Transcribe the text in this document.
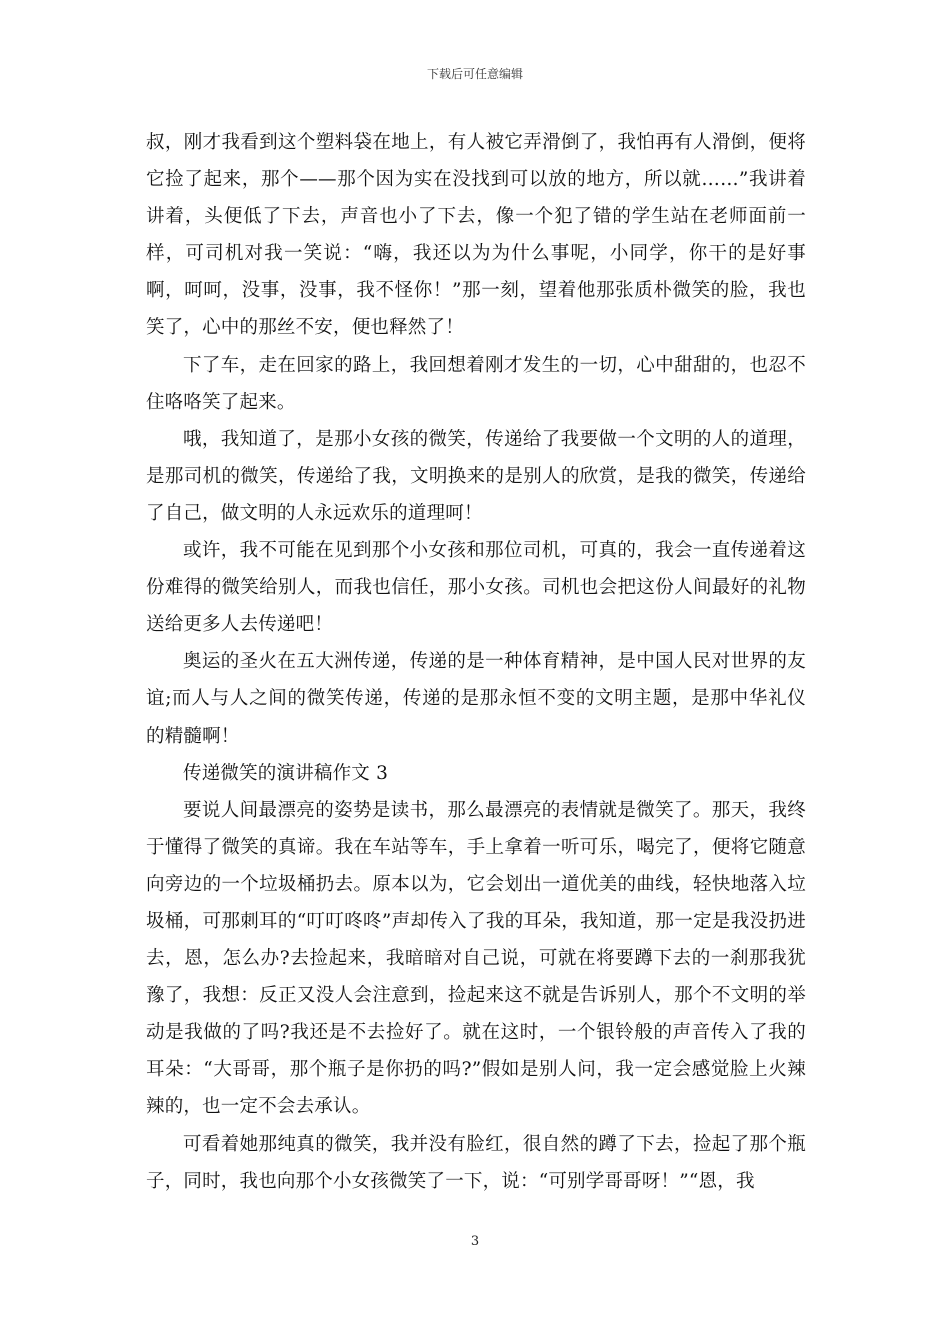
下载后可任意编辑

叔，刚才我看到这个塑料袋在地上，有人被它弄滑倒了，我怕再有人滑倒，便将它捡了起来，那个——那个因为实在没找到可以放的地方，所以就……”我讲着讲着，头便低了下去，声音也小了下去，像一个犯了错的学生站在老师面前一样，可司机对我一笑说：“嗨，我还以为为什么事呢，小同学，你干的是好事啊，呵呵，没事，没事，我不怪你！”那一刻，望着他那张质朴微笑的脸，我也笑了，心中的那丝不安，便也释然了！

下了车，走在回家的路上，我回想着刚才发生的一切，心中甜甜的，也忍不住咯咯笑了起来。

哦，我知道了，是那小女孩的微笑，传递给了我要做一个文明的人的道理，是那司机的微笑，传递给了我，文明换来的是别人的欣赏，是我的微笑，传递给了自己，做文明的人永远欢乐的道理呵！

或许，我不可能在见到那个小女孩和那位司机，可真的，我会一直传递着这份难得的微笑给别人，而我也信任，那小女孩。司机也会把这份人间最好的礼物送给更多人去传递吧！

奥运的圣火在五大洲传递，传递的是一种体育精神，是中国人民对世界的友谊;而人与人之间的微笑传递，传递的是那永恒不变的文明主题，是那中华礼仪的精髓啊！

传递微笑的演讲稿作文 3

要说人间最漂亮的姿势是读书，那么最漂亮的表情就是微笑了。那天，我终于懂得了微笑的真谛。我在车站等车，手上拿着一听可乐，喝完了，便将它随意向旁边的一个垃圾桶扔去。原本以为，它会划出一道优美的曲线，轻快地落入垃圾桶，可那刺耳的“叮叮咚咚”声却传入了我的耳朵，我知道，那一定是我没扔进去，恩，怎么办?去捡起来，我暗暗对自己说，可就在将要蹲下去的一刹那我犹豫了，我想：反正又没人会注意到，捡起来这不就是告诉别人，那个不文明的举动是我做的了吗?我还是不去捡好了。就在这时，一个银铃般的声音传入了我的耳朵：“大哥哥，那个瓶子是你扔的吗?”假如是别人问，我一定会感觉脸上火辣辣的，也一定不会去承认。

可看着她那纯真的微笑，我并没有脸红，很自然的蹲了下去，捡起了那个瓶子，同时，我也向那个小女孩微笑了一下，说：“可别学哥哥呀！”“恩，我

3
